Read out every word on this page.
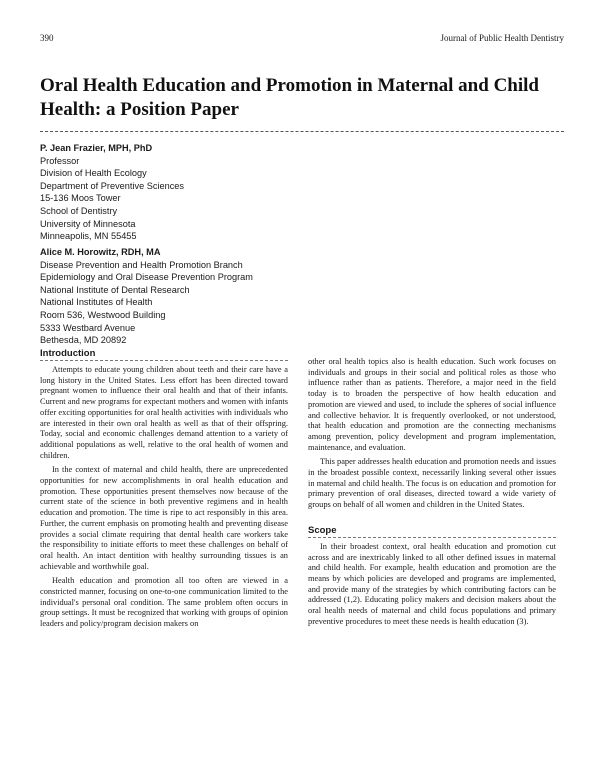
390	Journal of Public Health Dentistry
Oral Health Education and Promotion in Maternal and Child Health: a Position Paper
P. Jean Frazier, MPH, PhD
Professor
Division of Health Ecology
Department of Preventive Sciences
15-136 Moos Tower
School of Dentistry
University of Minnesota
Minneapolis, MN 55455
Alice M. Horowitz, RDH, MA
Disease Prevention and Health Promotion Branch
Epidemiology and Oral Disease Prevention Program
National Institute of Dental Research
National Institutes of Health
Room 536, Westwood Building
5333 Westbard Avenue
Bethesda, MD 20892
Introduction

Attempts to educate young children about teeth and their care have a long history in the United States. Less effort has been directed toward pregnant women to influence their oral health and that of their infants. Current and new programs for expectant mothers and women with infants offer exciting opportunities for oral health activities with individuals who are interested in their own oral health as well as that of their offspring. Today, social and economic challenges demand attention to a variety of additional populations as well, relative to the oral health of women and children.

In the context of maternal and child health, there are unprecedented opportunities for new accomplishments in oral health education and promotion. These opportunities present themselves now because of the current state of the science in both preventive regimens and in health education and promotion. The time is ripe to act responsibly in this area. Further, the current emphasis on promoting health and preventing disease provides a social climate requiring that dental health care workers take the responsibility to initiate efforts to meet these challenges on behalf of oral health. An intact dentition with healthy surrounding tissues is an achievable and worthwhile goal.

Health education and promotion all too often are viewed in a constricted manner, focusing on one-to-one communication limited to the individual's personal oral condition. The same problem often occurs in group settings. It must be recognized that working with groups of opinion leaders and policy/program decision makers on

other oral health topics also is health education. Such work focuses on individuals and groups in their social and political roles as those who influence rather than as patients. Therefore, a major need in the field today is to broaden the perspective of how health education and promotion are viewed and used, to include the spheres of social influence and collective behavior. It is frequently overlooked, or not understood, that health education and promotion are the connecting mechanisms among prevention, policy development and program implementation, maintenance, and evaluation.

This paper addresses health education and promotion needs and issues in the broadest possible context, necessarily linking several other issues in maternal and child health. The focus is on education and promotion for primary prevention of oral diseases, directed toward a wide variety of groups on behalf of all women and children in the United States.

Scope

In their broadest context, oral health education and promotion cut across and are inextricably linked to all other defined issues in maternal and child health. For example, health education and promotion are the means by which policies are developed and programs are implemented, and provide many of the strategies by which contributing factors can be addressed (1,2). Educating policy makers and decision makers about the oral health needs of maternal and child focus populations and primary preventive procedures to meet these needs is health education (3).
